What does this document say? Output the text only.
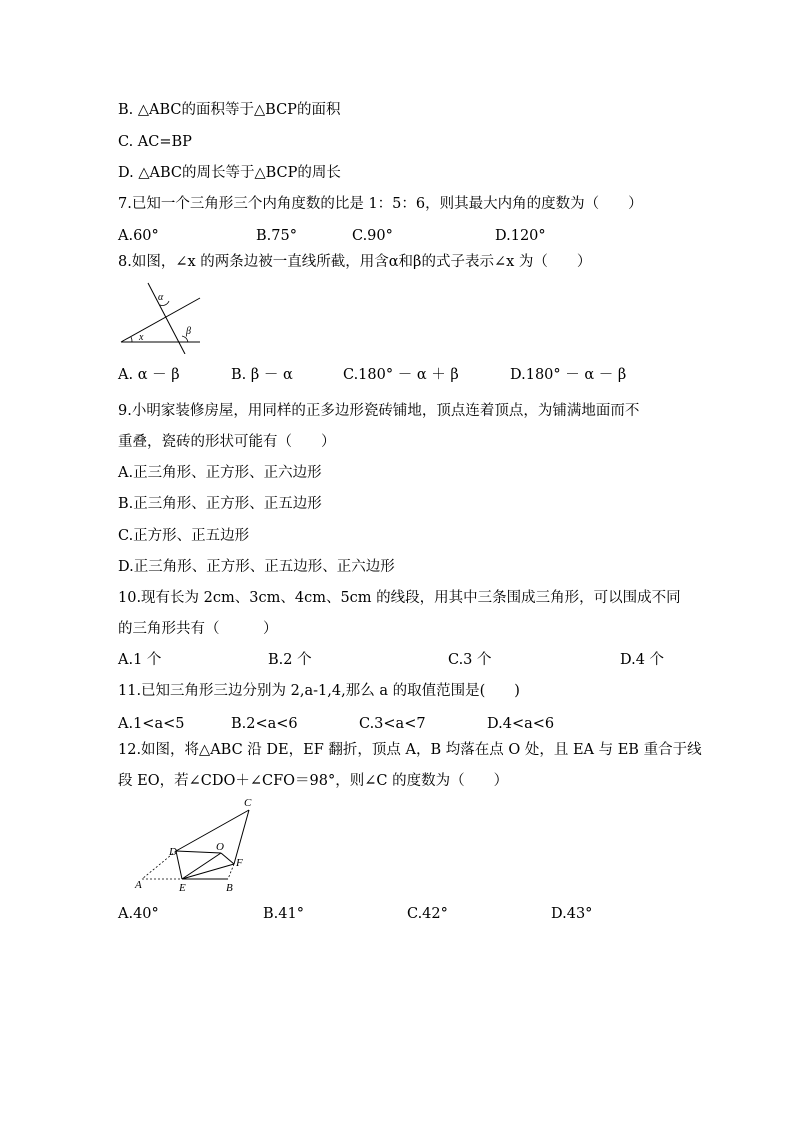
B. △ABC的面积等于△BCP的面积
C. AC=BP
D. △ABC的周长等于△BCP的周长
7.已知一个三角形三个内角度数的比是 1：5：6，则其最大内角的度数为（　　）
A.60°	B.75°	C.90°	D.120°
8.如图，∠x 的两条边被一直线所截，用含α和β的式子表示∠x 为（　　）
α
β
x
A. α － β	B. β － α	C.180° － α ＋ β	D.180° － α － β
9.小明家装修房屋，用同样的正多边形瓷砖铺地，顶点连着顶点，为铺满地面而不
重叠，瓷砖的形状可能有（　　）
A.正三角形、正方形、正六边形
B.正三角形、正方形、正五边形
C.正方形、正五边形
D.正三角形、正方形、正五边形、正六边形
10.现有长为 2cm、3cm、4cm、5cm 的线段，用其中三条围成三角形，可以围成不同
的三角形共有（　　　）
A.1 个	B.2 个	C.3 个	D.4 个
11.已知三角形三边分别为 2,a-1,4,那么 a 的取值范围是(　　)
A.1<a<5	B.2<a<6	C.3<a<7	D.4<a<6
12.如图，将△ABC 沿 DE，EF 翻折，顶点 A，B 均落在点 O 处，且 EA 与 EB 重合于线
段 EO，若∠CDO＋∠CFO＝98°，则∠C 的度数为（　　）
C
D	O
F
A	E	B
A.40°	B.41°	C.42°	D.43°
